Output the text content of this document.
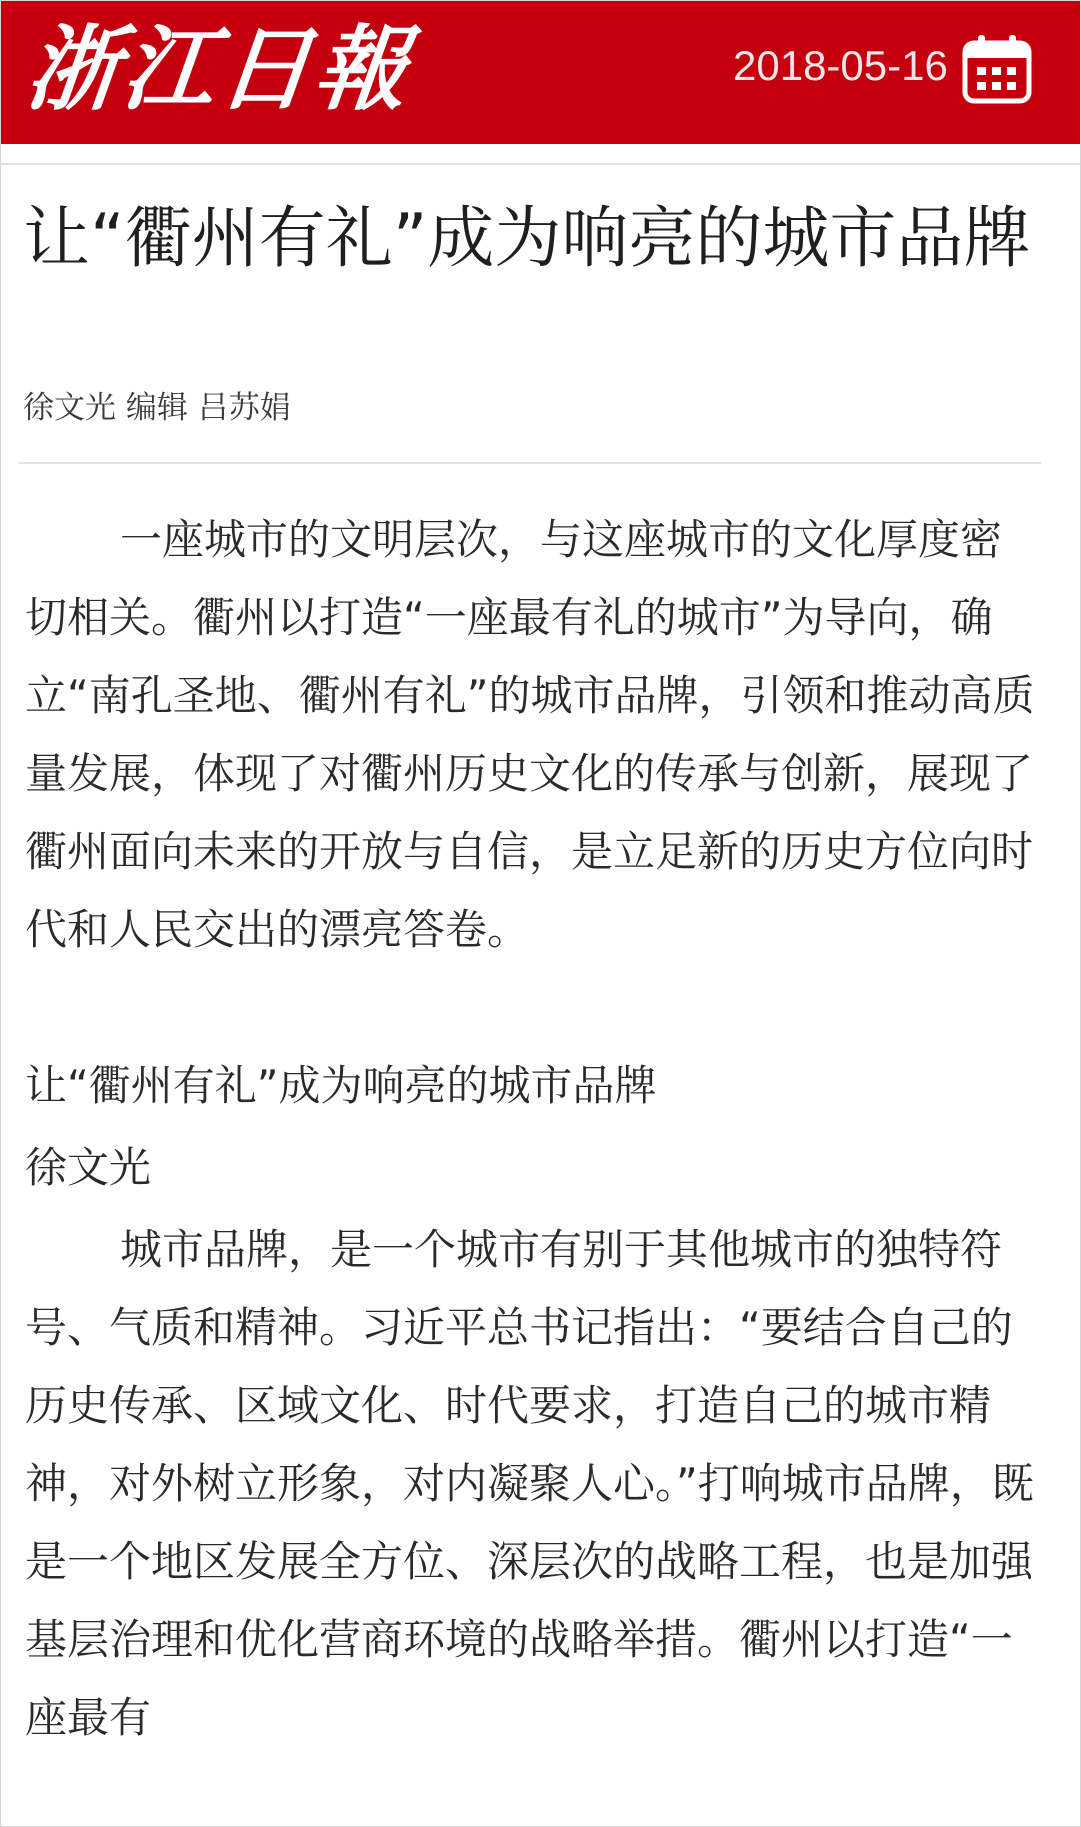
浙江日報	2018-05-16
让“衢州有礼”成为响亮的城市品牌
徐文光 编辑 吕苏娟

一座城市的文明层次，与这座城市的文化厚度密切相关。衢州以打造“一座最有礼的城市”为导向，确立“南孔圣地、衢州有礼”的城市品牌，引领和推动高质量发展，体现了对衢州历史文化的传承与创新，展现了衢州面向未来的开放与自信，是立足新的历史方位向时代和人民交出的漂亮答卷。

让“衢州有礼”成为响亮的城市品牌

徐文光

城市品牌，是一个城市有别于其他城市的独特符号、气质和精神。习近平总书记指出：“要结合自己的历史传承、区域文化、时代要求，打造自己的城市精神，对外树立形象，对内凝聚人心。”打响城市品牌，既是一个地区发展全方位、深层次的战略工程，也是加强基层治理和优化营商环境的战略举措。衢州以打造“一座最有
